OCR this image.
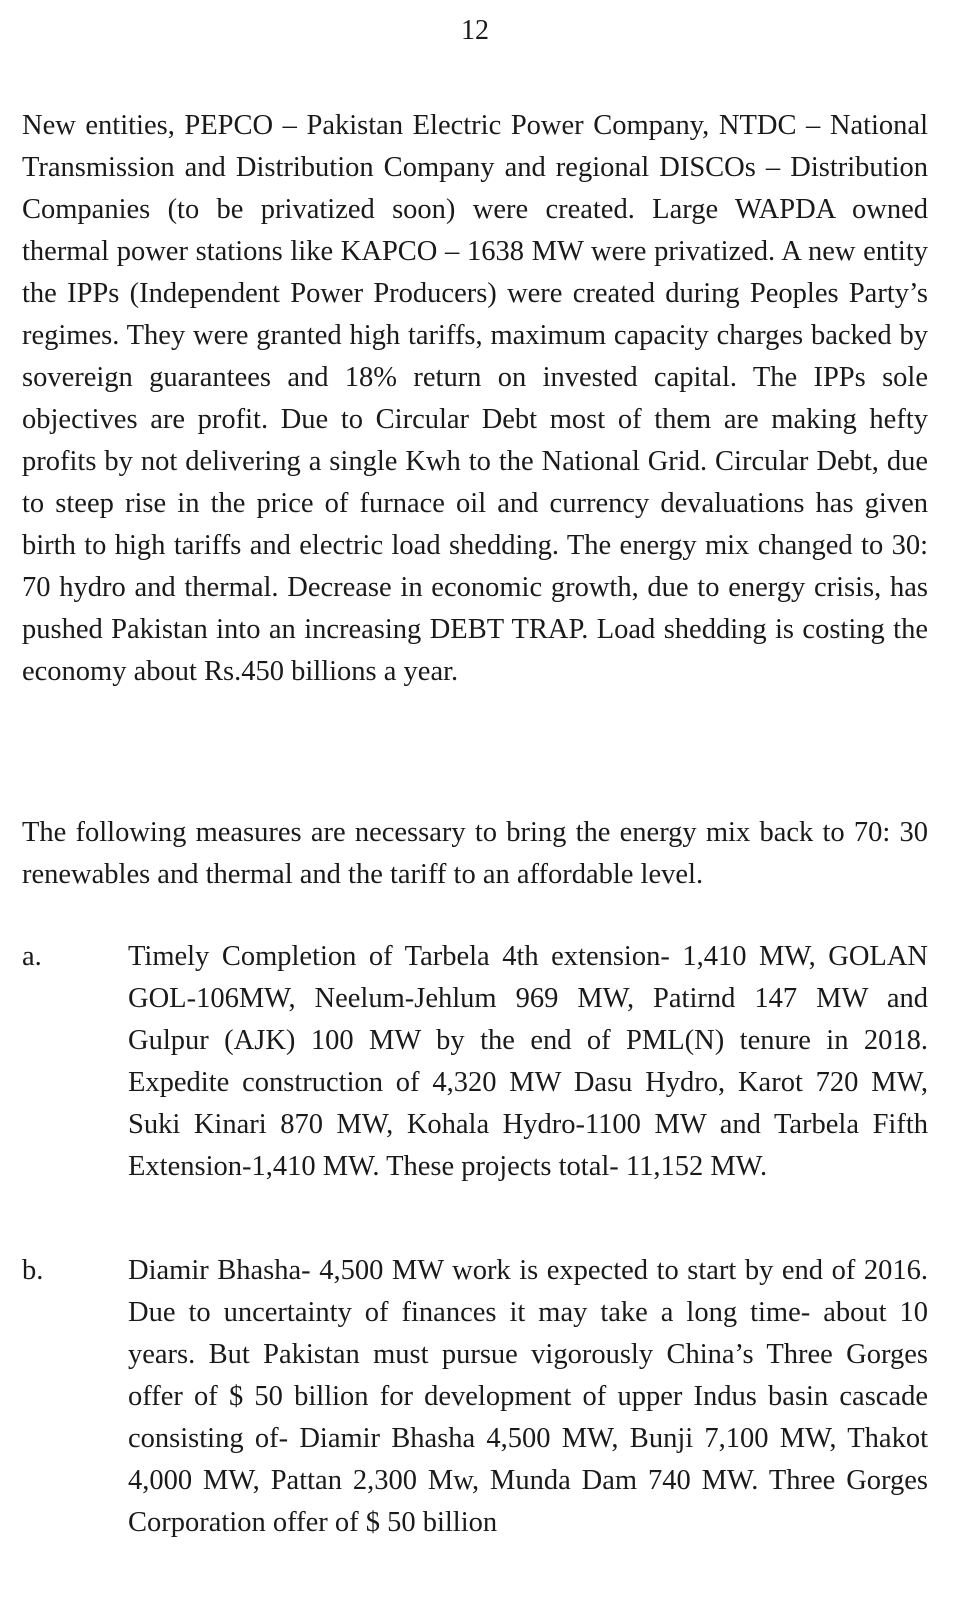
12

New entities, PEPCO – Pakistan Electric Power Company, NTDC – National Transmission and Distribution Company and regional DISCOs – Distribution Companies (to be privatized soon) were created. Large WAPDA owned thermal power stations like KAPCO – 1638 MW were privatized. A new entity the IPPs (Independent Power Producers) were created during Peoples Party’s regimes. They were granted high tariffs, maximum capacity charges backed by sovereign guarantees and 18% return on invested capital. The IPPs sole objectives are profit. Due to Circular Debt most of them are making hefty profits by not delivering a single Kwh to the National Grid. Circular Debt, due to steep rise in the price of furnace oil and currency devaluations has given birth to high tariffs and electric load shedding. The energy mix changed to 30: 70 hydro and thermal. Decrease in economic growth, due to energy crisis, has pushed Pakistan into an increasing DEBT TRAP. Load shedding is costing the economy about Rs.450 billions a year.

The following measures are necessary to bring the energy mix back to 70: 30 renewables and thermal and the tariff to an affordable level.

a.	Timely Completion of Tarbela 4th extension- 1,410 MW, GOLAN GOL-106MW, Neelum-Jehlum 969 MW, Patirnd 147 MW and Gulpur (AJK) 100 MW by the end of PML(N) tenure in 2018. Expedite construction of 4,320 MW Dasu Hydro, Karot 720 MW, Suki Kinari 870 MW, Kohala Hydro-1100 MW and Tarbela Fifth Extension-1,410 MW. These projects total- 11,152 MW.

b.	Diamir Bhasha- 4,500 MW work is expected to start by end of 2016. Due to uncertainty of finances it may take a long time- about 10 years. But Pakistan must pursue vigorously China’s Three Gorges offer of $ 50 billion for development of upper Indus basin cascade consisting of- Diamir Bhasha 4,500 MW, Bunji 7,100 MW, Thakot 4,000 MW, Pattan 2,300 Mw, Munda Dam 740 MW. Three Gorges Corporation offer of $ 50 billion
